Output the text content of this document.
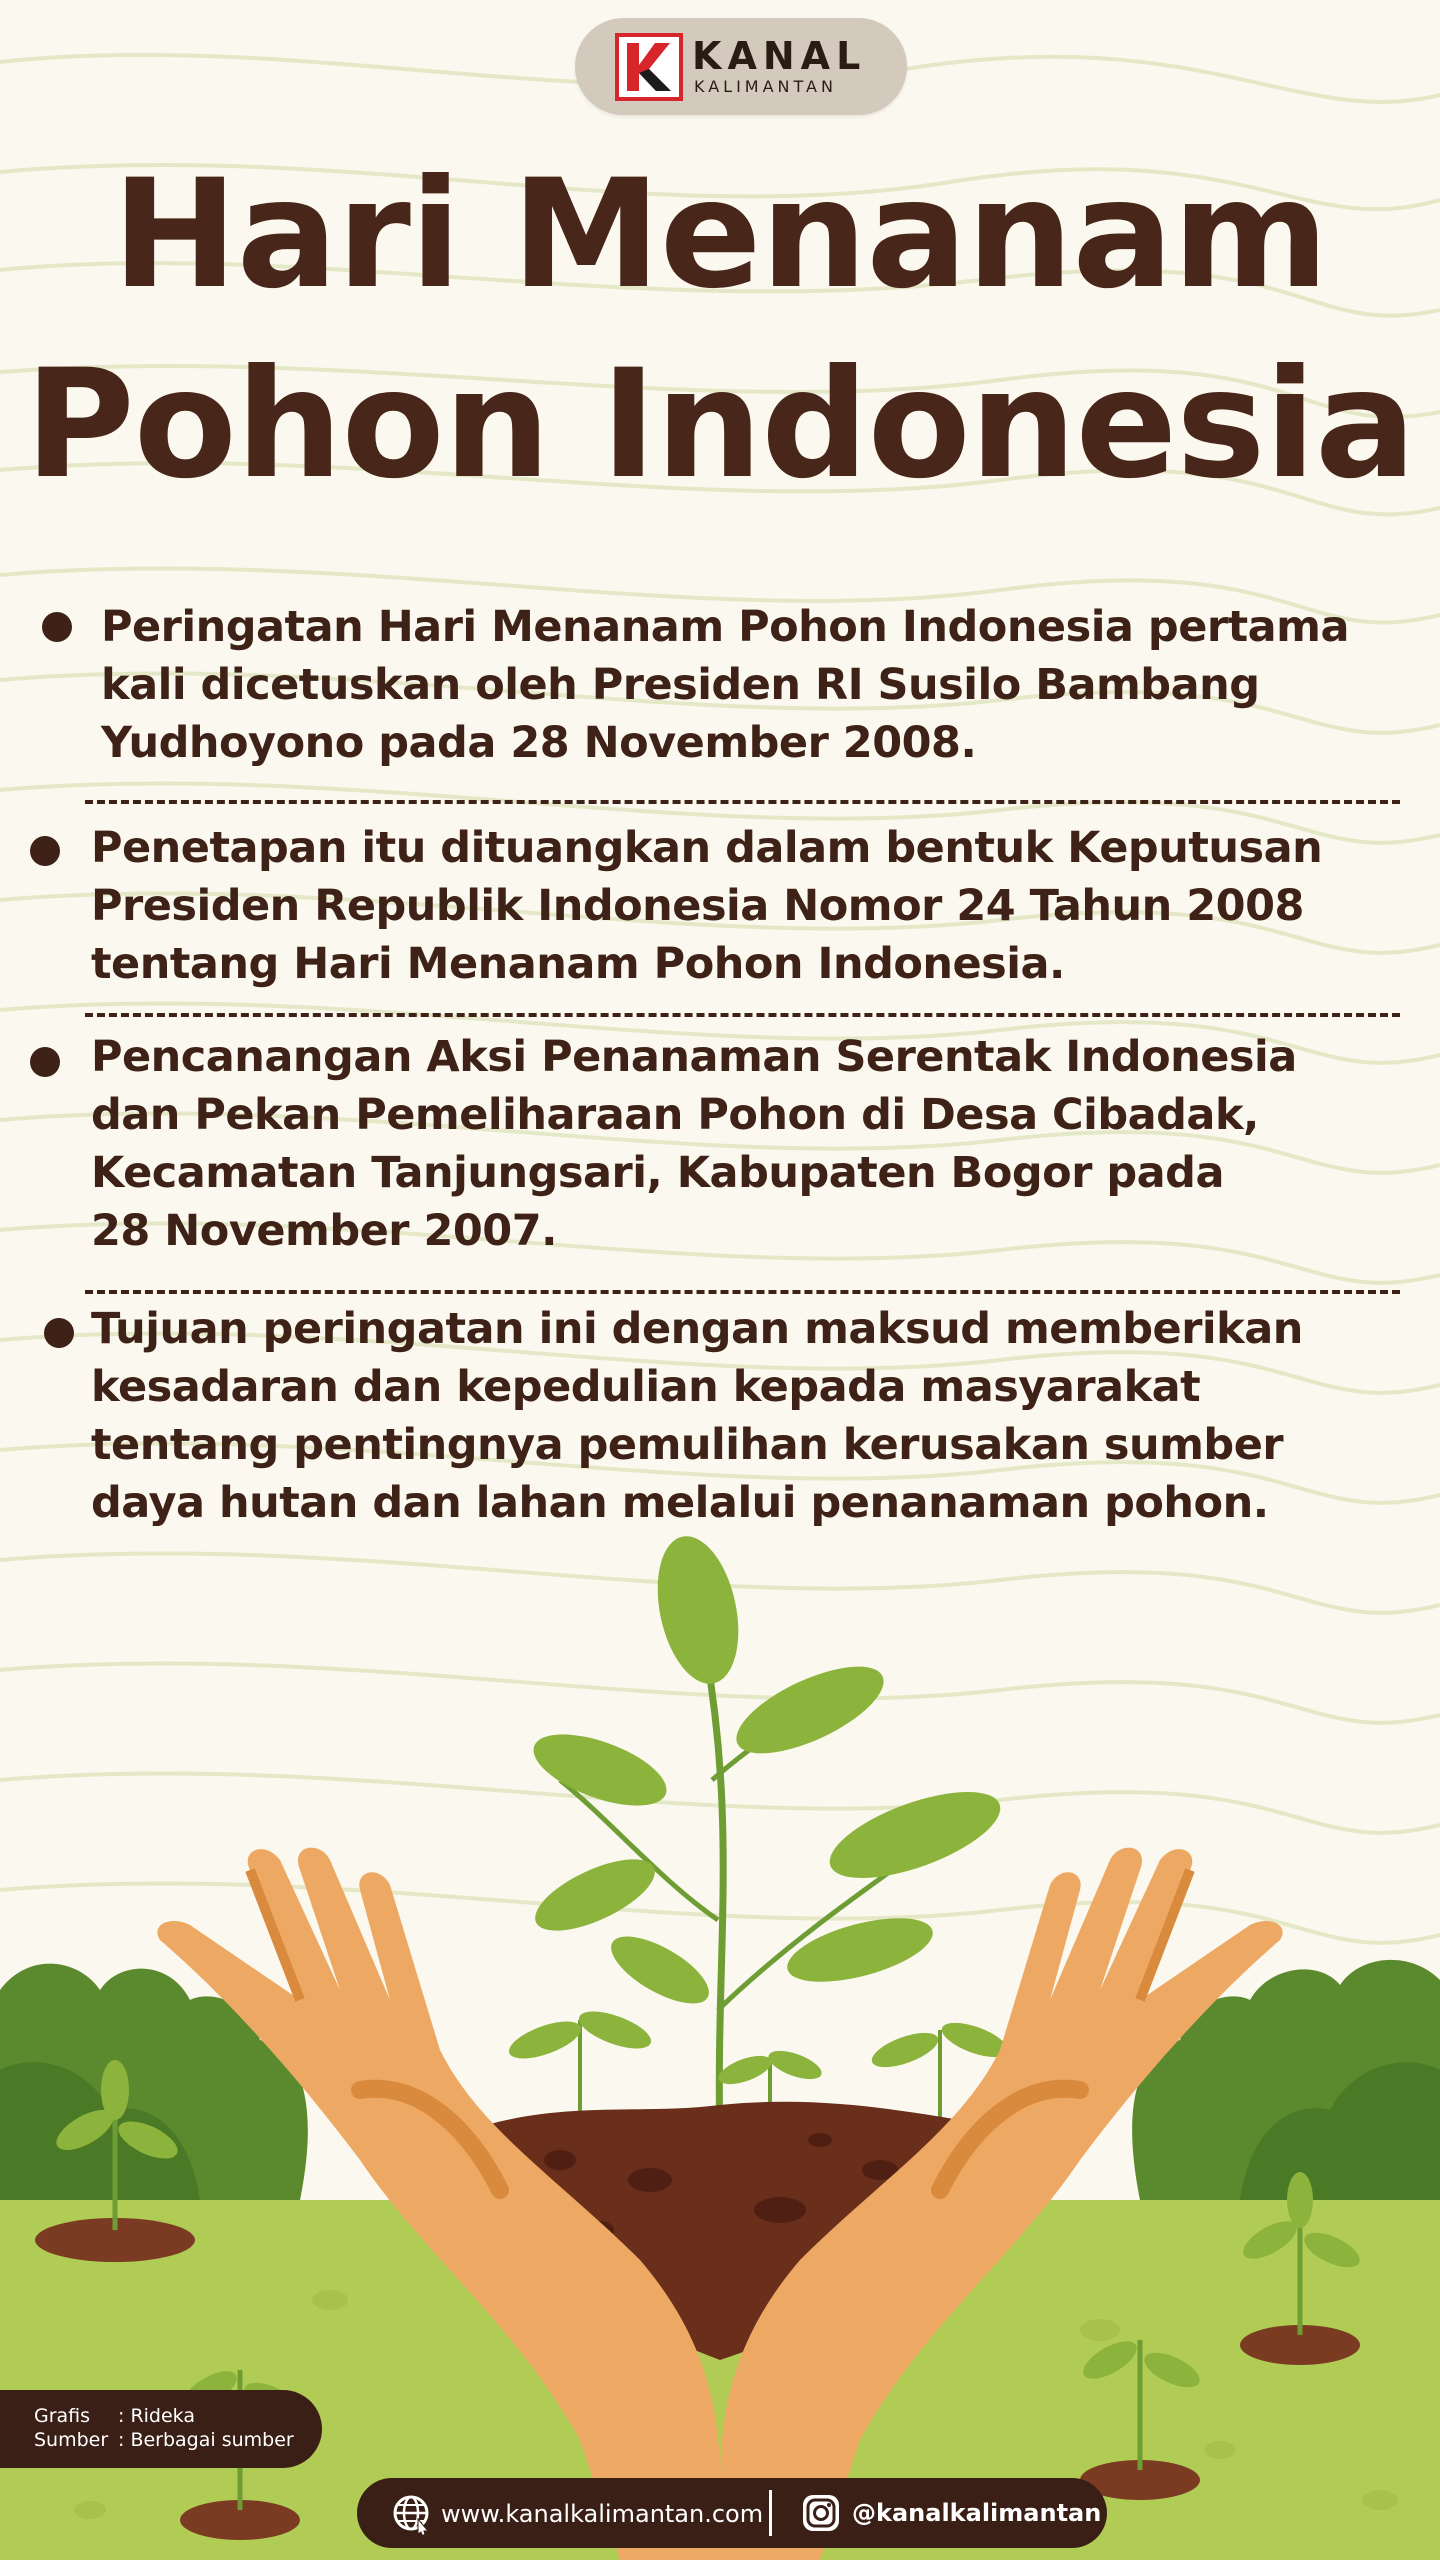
KANAL
KALIMANTAN
Hari Menanam
Pohon Indonesia
Peringatan Hari Menanam Pohon Indonesia pertama
kali dicetuskan oleh Presiden RI Susilo Bambang
Yudhoyono pada 28 November 2008.
Penetapan itu dituangkan dalam bentuk Keputusan
Presiden Republik Indonesia Nomor 24 Tahun 2008
tentang Hari Menanam Pohon Indonesia.
Pencanangan Aksi Penanaman Serentak Indonesia
dan Pekan Pemeliharaan Pohon di Desa Cibadak,
Kecamatan Tanjungsari, Kabupaten Bogor pada
28 November 2007.
Tujuan peringatan ini dengan maksud memberikan
kesadaran dan kepedulian kepada masyarakat
tentang pentingnya pemulihan kerusakan sumber
daya hutan dan lahan melalui penanaman pohon.
Grafis : Rideka
Sumber : Berbagai sumber
www.kanalkalimantan.com	@kanalkalimantan
